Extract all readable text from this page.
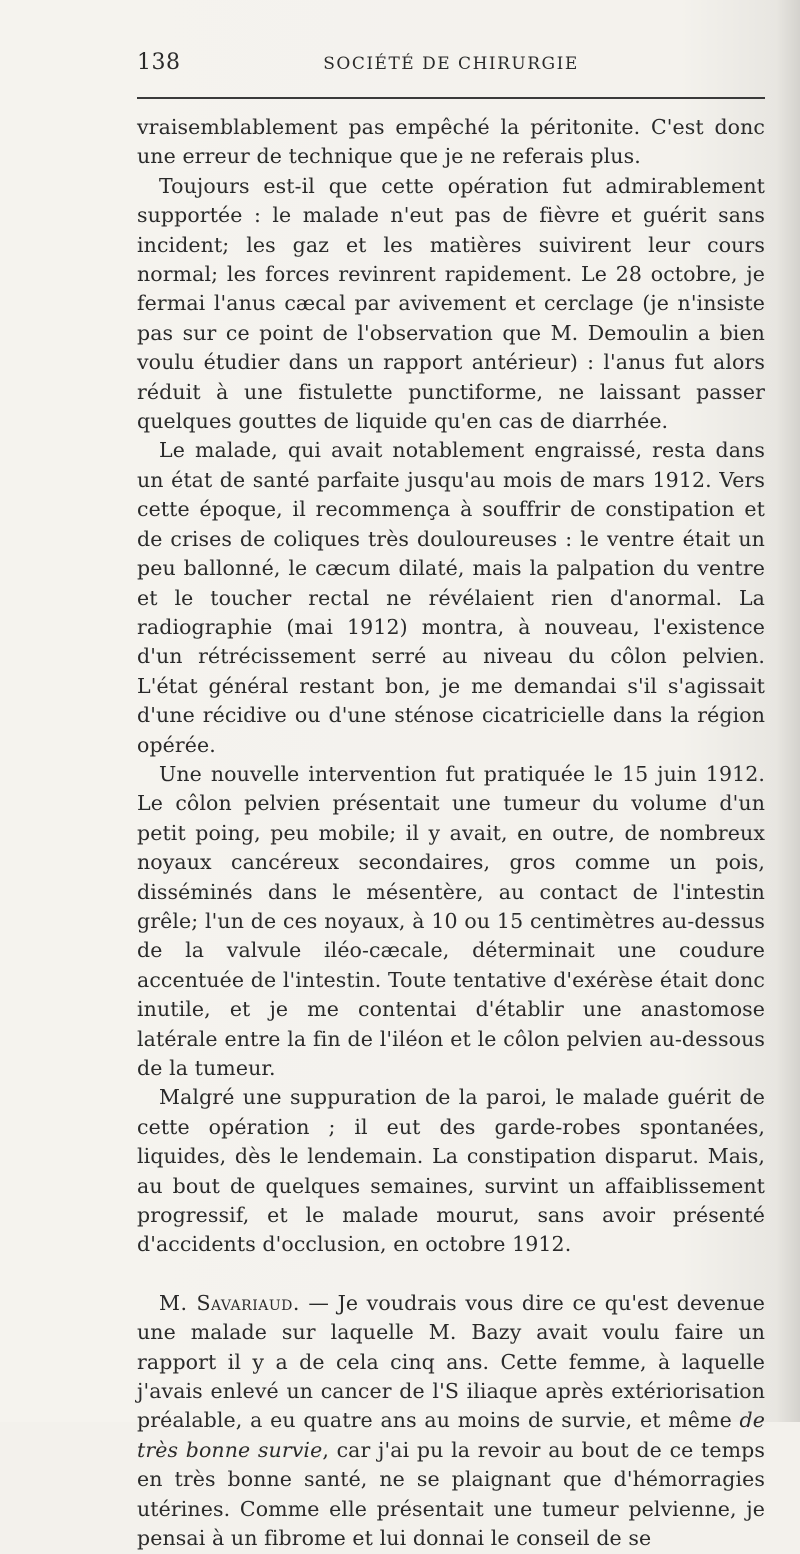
138	SOCIÉTÉ DE CHIRURGIE

vraisemblablement pas empêché la péritonite. C'est donc une erreur de technique que je ne referais plus.

Toujours est-il que cette opération fut admirablement supportée : le malade n'eut pas de fièvre et guérit sans incident; les gaz et les matières suivirent leur cours normal; les forces revinrent rapidement. Le 28 octobre, je fermai l'anus cæcal par avivement et cerclage (je n'insiste pas sur ce point de l'observation que M. Demoulin a bien voulu étudier dans un rapport antérieur) : l'anus fut alors réduit à une fistulette punctiforme, ne laissant passer quelques gouttes de liquide qu'en cas de diarrhée.

Le malade, qui avait notablement engraissé, resta dans un état de santé parfaite jusqu'au mois de mars 1912. Vers cette époque, il recommença à souffrir de constipation et de crises de coliques très douloureuses : le ventre était un peu ballonné, le cæcum dilaté, mais la palpation du ventre et le toucher rectal ne révélaient rien d'anormal. La radiographie (mai 1912) montra, à nouveau, l'existence d'un rétrécissement serré au niveau du côlon pelvien. L'état général restant bon, je me demandai s'il s'agissait d'une récidive ou d'une sténose cicatricielle dans la région opérée.

Une nouvelle intervention fut pratiquée le 15 juin 1912. Le côlon pelvien présentait une tumeur du volume d'un petit poing, peu mobile; il y avait, en outre, de nombreux noyaux cancéreux secondaires, gros comme un pois, disséminés dans le mésentère, au contact de l'intestin grêle; l'un de ces noyaux, à 10 ou 15 centimètres au-dessus de la valvule iléo-cæcale, déterminait une coudure accentuée de l'intestin. Toute tentative d'exérèse était donc inutile, et je me contentai d'établir une anastomose latérale entre la fin de l'iléon et le côlon pelvien au-dessous de la tumeur.

Malgré une suppuration de la paroi, le malade guérit de cette opération ; il eut des garde-robes spontanées, liquides, dès le lendemain. La constipation disparut. Mais, au bout de quelques semaines, survint un affaiblissement progressif, et le malade mourut, sans avoir présenté d'accidents d'occlusion, en octobre 1912.

M. Savariaud. — Je voudrais vous dire ce qu'est devenue une malade sur laquelle M. Bazy avait voulu faire un rapport il y a de cela cinq ans. Cette femme, à laquelle j'avais enlevé un cancer de l'S iliaque après extériorisation préalable, a eu quatre ans au moins de survie, et même de très bonne survie, car j'ai pu la revoir au bout de ce temps en très bonne santé, ne se plaignant que d'hémorragies utérines. Comme elle présentait une tumeur pelvienne, je pensai à un fibrome et lui donnai le conseil de se
